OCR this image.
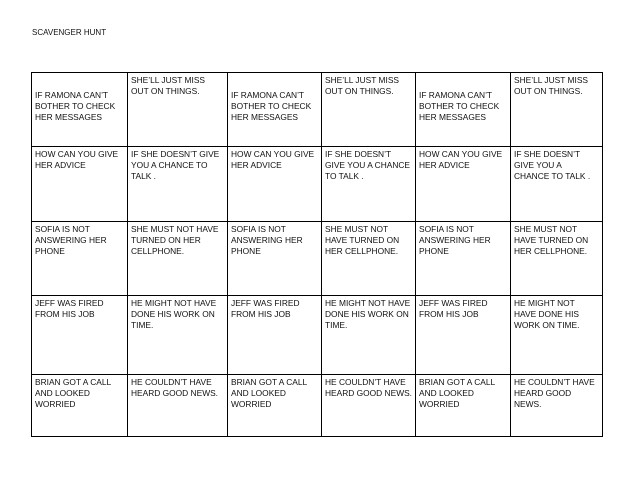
SCAVENGER HUNT
IF RAMONA CAN’T BOTHER TO CHECK HER MESSAGES	SHE’LL JUST MISS OUT ON THINGS.	IF RAMONA CAN’T BOTHER TO CHECK HER MESSAGES	SHE’LL JUST MISS OUT ON THINGS.	IF RAMONA CAN’T BOTHER TO CHECK HER MESSAGES	SHE’LL JUST MISS OUT ON THINGS.
HOW CAN YOU GIVE HER ADVICE	IF SHE DOESN’T GIVE YOU A CHANCE TO TALK .	HOW CAN YOU GIVE HER ADVICE	IF SHE DOESN’T GIVE YOU A CHANCE TO TALK .	HOW CAN YOU GIVE HER ADVICE	IF SHE DOESN’T GIVE YOU A CHANCE TO TALK .
SOFIA IS NOT ANSWERING HER PHONE	SHE MUST NOT HAVE TURNED ON HER CELLPHONE.	SOFIA IS NOT ANSWERING HER PHONE	SHE MUST NOT HAVE TURNED ON HER CELLPHONE.	SOFIA IS NOT ANSWERING HER PHONE	SHE MUST NOT HAVE TURNED ON HER CELLPHONE.
JEFF WAS FIRED FROM HIS JOB	HE MIGHT NOT HAVE DONE HIS WORK ON TIME.	JEFF WAS FIRED FROM HIS JOB	HE MIGHT NOT HAVE DONE HIS WORK ON TIME.	JEFF WAS FIRED FROM HIS JOB	HE MIGHT NOT HAVE DONE HIS WORK ON TIME.
BRIAN GOT A CALL AND LOOKED WORRIED	HE COULDN’T HAVE HEARD GOOD NEWS.	BRIAN GOT A CALL AND LOOKED WORRIED	HE COULDN’T HAVE HEARD GOOD NEWS.	BRIAN GOT A CALL AND LOOKED WORRIED	HE COULDN’T HAVE HEARD GOOD NEWS.
